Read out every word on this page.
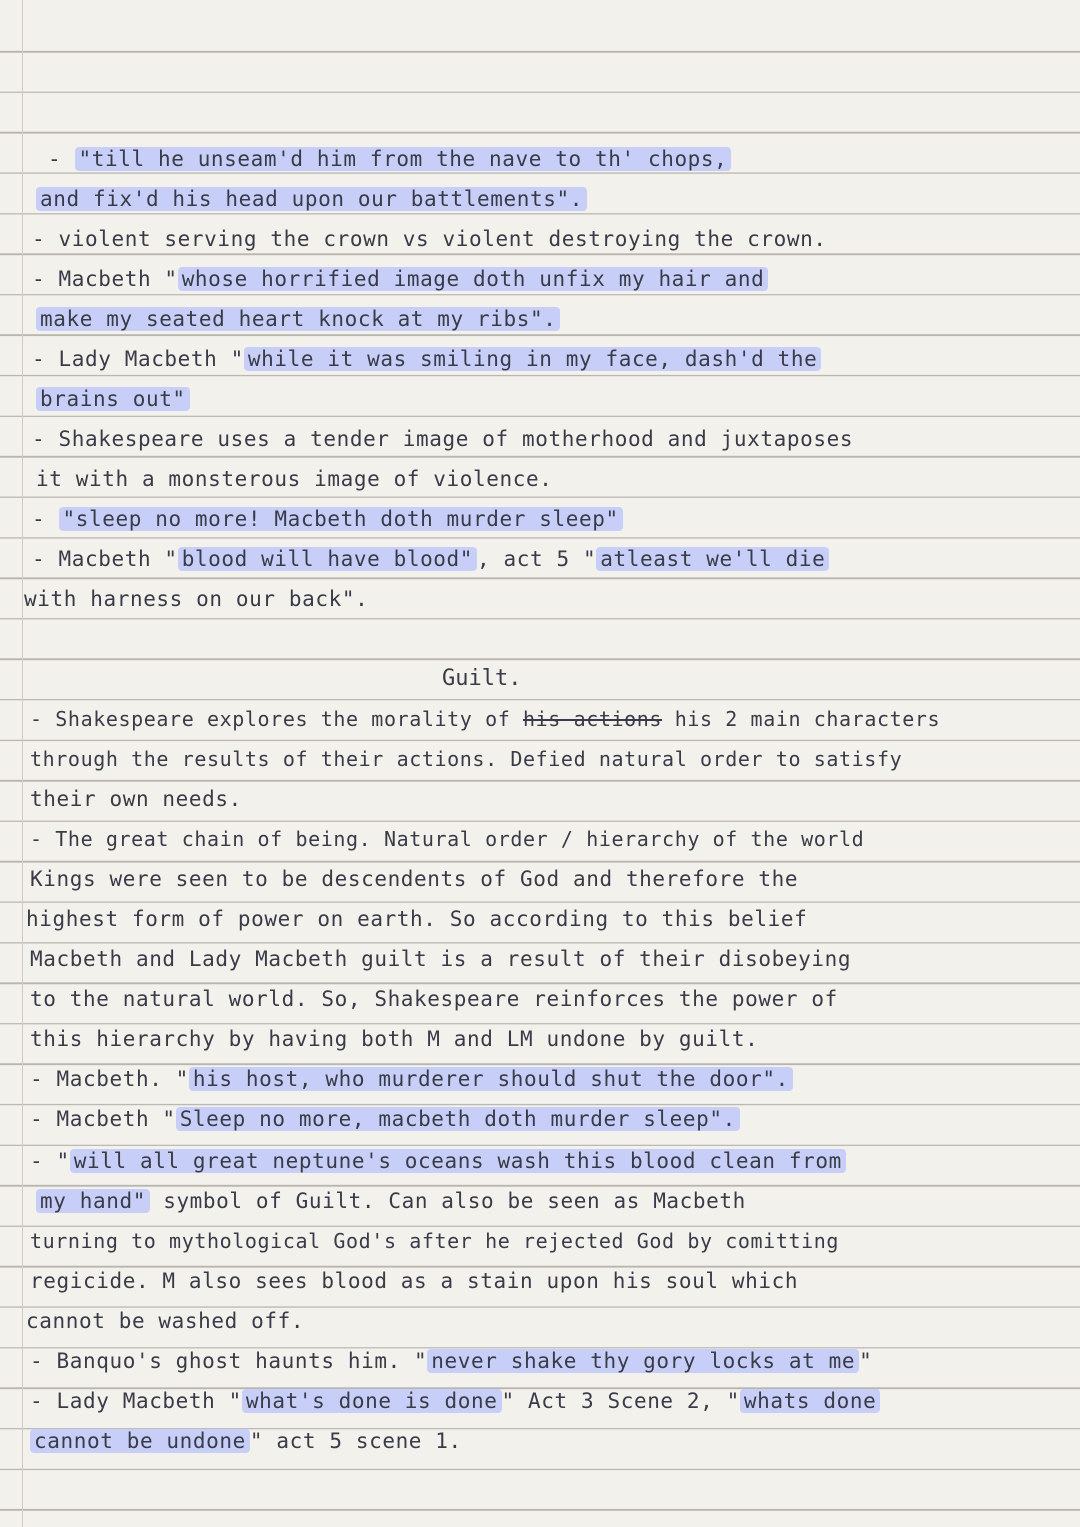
- "till he unseam'd him from the nave to th' chops,
and fix'd his head upon our battlements".
- violent serving the crown vs violent destroying the crown.
- Macbeth " whose horrified image doth unfix my hair and
make my seated heart knock at my ribs".
- Lady Macbeth " while it was smiling in my face, dash'd the
brains out"
- Shakespeare uses a tender image of motherhood and juxtaposes
it with a monsterous image of violence.
- "sleep no more! Macbeth doth murder sleep"
- Macbeth " blood will have blood" , act 5 " atleast we'll die
with harness on our back".
Guilt.
- Shakespeare explores the morality of his actions his 2 main characters
through the results of their actions. Defied natural order to satisfy
their own needs.
- The great chain of being. Natural order / hierarchy of the world
Kings were seen to be descendents of God and therefore the
highest form of power on earth. So according to this belief
Macbeth and Lady Macbeth guilt is a result of their disobeying
to the natural world. So, Shakespeare reinforces the power of
this hierarchy by having both M and LM undone by guilt.
- Macbeth. " his host, who murderer should shut the door".
- Macbeth " Sleep no more, macbeth doth murder sleep".
- " will all great neptune's oceans wash this blood clean from
my hand" symbol of Guilt. Can also be seen as Macbeth
turning to mythological God's after he rejected God by comitting
regicide. M also sees blood as a stain upon his soul which
cannot be washed off.
- Banquo's ghost haunts him. " never shake thy gory locks at me "
- Lady Macbeth " what's done is done " Act 3 Scene 2, " whats done
cannot be undone " act 5 scene 1.
